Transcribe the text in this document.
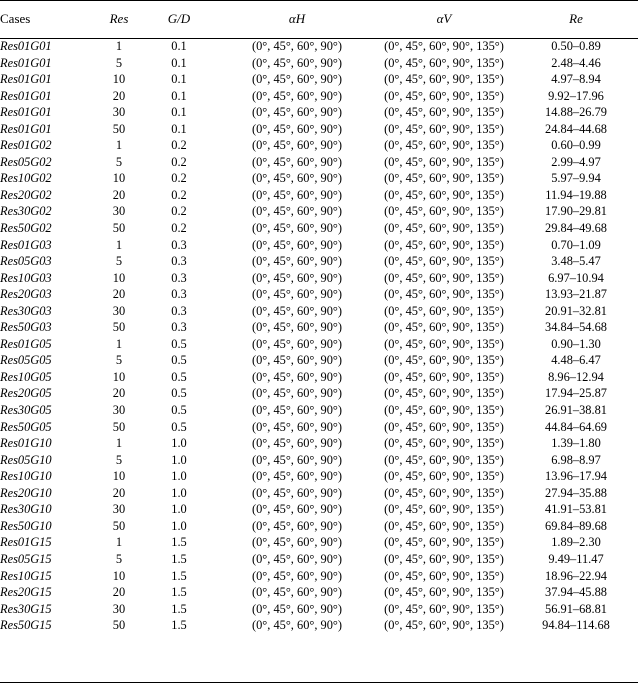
Cases	Res	G/D	αH	αV	Re
Res01G01	1	0.1	(0°, 45°, 60°, 90°)	(0°, 45°, 60°, 90°, 135°)	0.50–0.89
Res01G01	5	0.1	(0°, 45°, 60°, 90°)	(0°, 45°, 60°, 90°, 135°)	2.48–4.46
Res01G01	10	0.1	(0°, 45°, 60°, 90°)	(0°, 45°, 60°, 90°, 135°)	4.97–8.94
Res01G01	20	0.1	(0°, 45°, 60°, 90°)	(0°, 45°, 60°, 90°, 135°)	9.92–17.96
Res01G01	30	0.1	(0°, 45°, 60°, 90°)	(0°, 45°, 60°, 90°, 135°)	14.88–26.79
Res01G01	50	0.1	(0°, 45°, 60°, 90°)	(0°, 45°, 60°, 90°, 135°)	24.84–44.68
Res01G02	1	0.2	(0°, 45°, 60°, 90°)	(0°, 45°, 60°, 90°, 135°)	0.60–0.99
Res05G02	5	0.2	(0°, 45°, 60°, 90°)	(0°, 45°, 60°, 90°, 135°)	2.99–4.97
Res10G02	10	0.2	(0°, 45°, 60°, 90°)	(0°, 45°, 60°, 90°, 135°)	5.97–9.94
Res20G02	20	0.2	(0°, 45°, 60°, 90°)	(0°, 45°, 60°, 90°, 135°)	11.94–19.88
Res30G02	30	0.2	(0°, 45°, 60°, 90°)	(0°, 45°, 60°, 90°, 135°)	17.90–29.81
Res50G02	50	0.2	(0°, 45°, 60°, 90°)	(0°, 45°, 60°, 90°, 135°)	29.84–49.68
Res01G03	1	0.3	(0°, 45°, 60°, 90°)	(0°, 45°, 60°, 90°, 135°)	0.70–1.09
Res05G03	5	0.3	(0°, 45°, 60°, 90°)	(0°, 45°, 60°, 90°, 135°)	3.48–5.47
Res10G03	10	0.3	(0°, 45°, 60°, 90°)	(0°, 45°, 60°, 90°, 135°)	6.97–10.94
Res20G03	20	0.3	(0°, 45°, 60°, 90°)	(0°, 45°, 60°, 90°, 135°)	13.93–21.87
Res30G03	30	0.3	(0°, 45°, 60°, 90°)	(0°, 45°, 60°, 90°, 135°)	20.91–32.81
Res50G03	50	0.3	(0°, 45°, 60°, 90°)	(0°, 45°, 60°, 90°, 135°)	34.84–54.68
Res01G05	1	0.5	(0°, 45°, 60°, 90°)	(0°, 45°, 60°, 90°, 135°)	0.90–1.30
Res05G05	5	0.5	(0°, 45°, 60°, 90°)	(0°, 45°, 60°, 90°, 135°)	4.48–6.47
Res10G05	10	0.5	(0°, 45°, 60°, 90°)	(0°, 45°, 60°, 90°, 135°)	8.96–12.94
Res20G05	20	0.5	(0°, 45°, 60°, 90°)	(0°, 45°, 60°, 90°, 135°)	17.94–25.87
Res30G05	30	0.5	(0°, 45°, 60°, 90°)	(0°, 45°, 60°, 90°, 135°)	26.91–38.81
Res50G05	50	0.5	(0°, 45°, 60°, 90°)	(0°, 45°, 60°, 90°, 135°)	44.84–64.69
Res01G10	1	1.0	(0°, 45°, 60°, 90°)	(0°, 45°, 60°, 90°, 135°)	1.39–1.80
Res05G10	5	1.0	(0°, 45°, 60°, 90°)	(0°, 45°, 60°, 90°, 135°)	6.98–8.97
Res10G10	10	1.0	(0°, 45°, 60°, 90°)	(0°, 45°, 60°, 90°, 135°)	13.96–17.94
Res20G10	20	1.0	(0°, 45°, 60°, 90°)	(0°, 45°, 60°, 90°, 135°)	27.94–35.88
Res30G10	30	1.0	(0°, 45°, 60°, 90°)	(0°, 45°, 60°, 90°, 135°)	41.91–53.81
Res50G10	50	1.0	(0°, 45°, 60°, 90°)	(0°, 45°, 60°, 90°, 135°)	69.84–89.68
Res01G15	1	1.5	(0°, 45°, 60°, 90°)	(0°, 45°, 60°, 90°, 135°)	1.89–2.30
Res05G15	5	1.5	(0°, 45°, 60°, 90°)	(0°, 45°, 60°, 90°, 135°)	9.49–11.47
Res10G15	10	1.5	(0°, 45°, 60°, 90°)	(0°, 45°, 60°, 90°, 135°)	18.96–22.94
Res20G15	20	1.5	(0°, 45°, 60°, 90°)	(0°, 45°, 60°, 90°, 135°)	37.94–45.88
Res30G15	30	1.5	(0°, 45°, 60°, 90°)	(0°, 45°, 60°, 90°, 135°)	56.91–68.81
Res50G15	50	1.5	(0°, 45°, 60°, 90°)	(0°, 45°, 60°, 90°, 135°)	94.84–114.68
